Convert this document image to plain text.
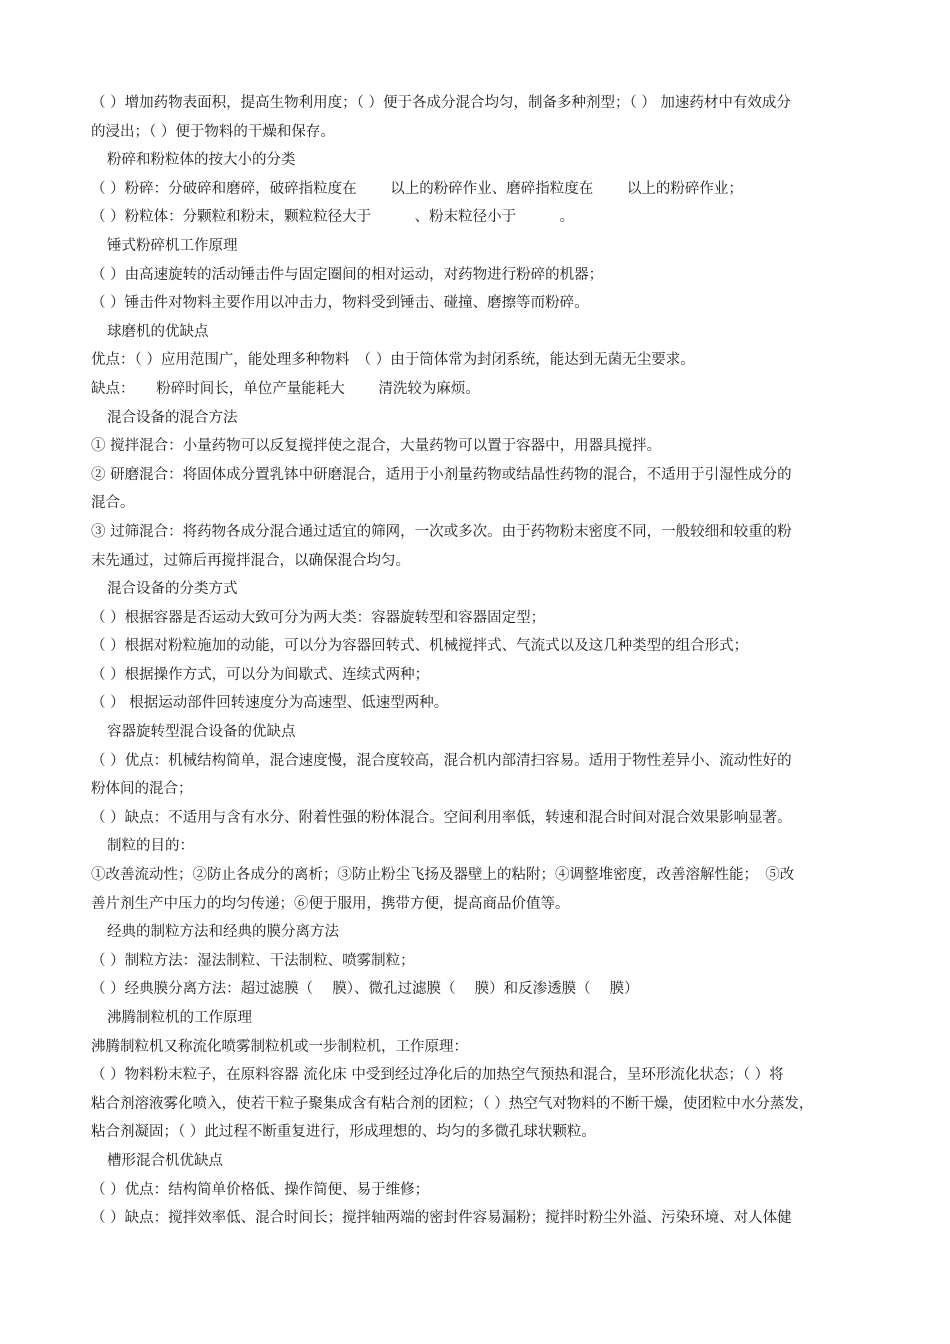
（ ）增加药物表面积，提高生物利用度；（ ）便于各成分混合均匀，制备多种剂型；（ ） 加速药材中有效成分
的浸出；（ ）便于物料的干燥和保存。
粉碎和粉粒体的按大小的分类
（ ）粉碎：分破碎和磨碎，破碎指粒度在　　 以上的粉碎作业、磨碎指粒度在　　 以上的粉碎作业；
（ ）粉粒体：分颗粒和粉末，颗粒粒径大于　　　、粉末粒径小于　　　。
锤式粉碎机工作原理
（ ）由高速旋转的活动锤击件与固定圈间的相对运动，对药物进行粉碎的机器；
（ ）锤击件对物料主要作用以冲击力，物料受到锤击、碰撞、磨擦等而粉碎。
球磨机的优缺点
优点：（ ）应用范围广，能处理多种物料　（ ）由于筒体常为封闭系统，能达到无菌无尘要求。
缺点：　　粉碎时间长，单位产量能耗大　　 清洗较为麻烦。
混合设备的混合方法
① 搅拌混合：小量药物可以反复搅拌使之混合，大量药物可以置于容器中，用器具搅拌。
② 研磨混合：将固体成分置乳钵中研磨混合，适用于小剂量药物或结晶性药物的混合，不适用于引湿性成分的
混合。
③ 过筛混合：将药物各成分混合通过适宜的筛网，一次或多次。由于药物粉末密度不同，一般较细和较重的粉
末先通过，过筛后再搅拌混合，以确保混合均匀。
混合设备的分类方式
（ ）根据容器是否运动大致可分为两大类：容器旋转型和容器固定型；
（ ）根据对粉粒施加的动能，可以分为容器回转式、机械搅拌式、气流式以及这几种类型的组合形式；
（ ）根据操作方式，可以分为间歇式、连续式两种；
（ ） 根据运动部件回转速度分为高速型、低速型两种。
容器旋转型混合设备的优缺点
（ ）优点：机械结构简单，混合速度慢，混合度较高，混合机内部清扫容易。适用于物性差异小、流动性好的
粉体间的混合；
（ ）缺点：不适用与含有水分、附着性强的粉体混合。空间利用率低，转速和混合时间对混合效果影响显著。
制粒的目的：
①改善流动性；②防止各成分的离析；③防止粉尘飞扬及器壁上的粘附；④调整堆密度，改善溶解性能；　⑤改
善片剂生产中压力的均匀传递；⑥便于服用，携带方便，提高商品价值等。
经典的制粒方法和经典的膜分离方法
（ ）制粒方法：湿法制粒、干法制粒、喷雾制粒；
（ ）经典膜分离方法：超过滤膜（　 膜）、微孔过滤膜（　 膜）和反渗透膜（　 膜）
沸腾制粒机的工作原理
沸腾制粒机又称流化喷雾制粒机或一步制粒机，工作原理：
（ ）物料粉末粒子，在原料容器 流化床 中受到经过净化后的加热空气预热和混合，呈环形流化状态；（ ）将
粘合剂溶液雾化喷入，使若干粒子聚集成含有粘合剂的团粒；（ ）热空气对物料的不断干燥，使团粒中水分蒸发，
粘合剂凝固；（ ）此过程不断重复进行，形成理想的、均匀的多微孔球状颗粒。
槽形混合机优缺点
（ ）优点：结构简单价格低、操作简便、易于维修；
（ ）缺点：搅拌效率低、混合时间长；搅拌轴两端的密封件容易漏粉；搅拌时粉尘外溢、污染环境、对人体健
